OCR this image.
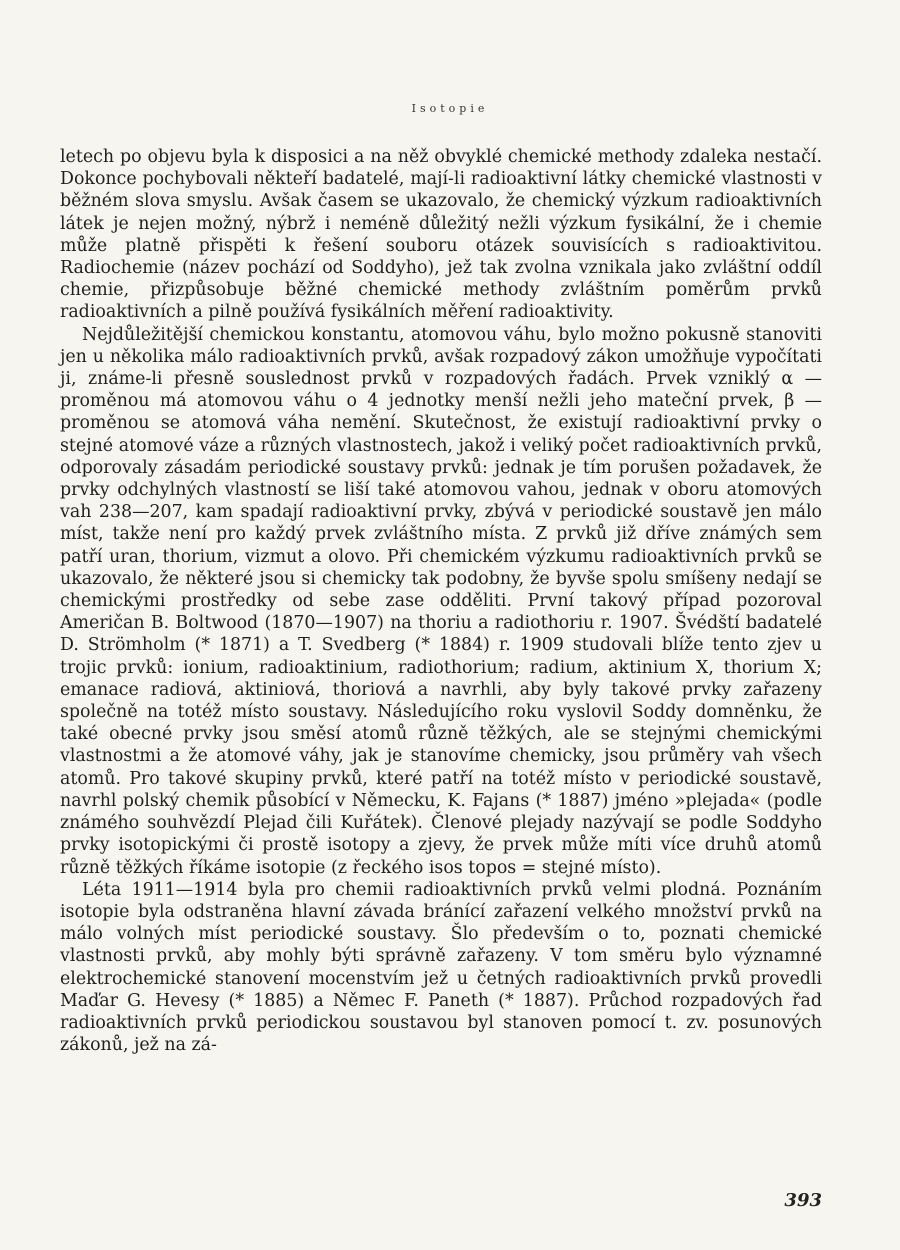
Isotopie

letech po objevu byla k disposici a na něž obvyklé chemické methody zdaleka nestačí. Dokonce pochybovali někteří badatelé, mají-li radioaktivní látky chemické vlastnosti v běžném slova smyslu. Avšak časem se ukazovalo, že chemický výzkum radioaktivních látek je nejen možný, nýbrž i neméně důležitý nežli výzkum fysikální, že i chemie může platně přispěti k řešení souboru otázek souvisících s radioaktivitou. Radiochemie (název pochází od Soddyho), jež tak zvolna vznikala jako zvláštní oddíl chemie, přizpůsobuje běžné chemické methody zvláštním poměrům prvků radioaktivních a pilně používá fysikálních měření radioaktivity.

Nejdůležitější chemickou konstantu, atomovou váhu, bylo možno pokusně stanoviti jen u několika málo radioaktivních prvků, avšak rozpadový zákon umožňuje vypočítati ji, známe-li přesně souslednost prvků v rozpadových řadách. Prvek vzniklý α — proměnou má atomovou váhu o 4 jednotky menší nežli jeho mateční prvek, β — proměnou se atomová váha nemění. Skutečnost, že existují radioaktivní prvky o stejné atomové váze a různých vlastnostech, jakož i veliký počet radioaktivních prvků, odporovaly zásadám periodické soustavy prvků: jednak je tím porušen požadavek, že prvky odchylných vlastností se liší také atomovou vahou, jednak v oboru atomových vah 238—207, kam spadají radioaktivní prvky, zbývá v periodické soustavě jen málo míst, takže není pro každý prvek zvláštního místa. Z prvků již dříve známých sem patří uran, thorium, vizmut a olovo. Při chemickém výzkumu radioaktivních prvků se ukazovalo, že některé jsou si chemicky tak podobny, že byvše spolu smíšeny nedají se chemickými prostředky od sebe zase odděliti. První takový případ pozoroval Američan B. Boltwood (1870—1907) na thoriu a radiothoriu r. 1907. Švédští badatelé D. Strömholm (* 1871) a T. Svedberg (* 1884) r. 1909 studovali blíže tento zjev u trojic prvků: ionium, radioaktinium, radiothorium; radium, aktinium X, thorium X; emanace radiová, aktiniová, thoriová a navrhli, aby byly takové prvky zařazeny společně na totéž místo soustavy. Následujícího roku vyslovil Soddy domněnku, že také obecné prvky jsou směsí atomů různě těžkých, ale se stejnými chemickými vlastnostmi a že atomové váhy, jak je stanovíme chemicky, jsou průměry vah všech atomů. Pro takové skupiny prvků, které patří na totéž místo v periodické soustavě, navrhl polský chemik působící v Německu, K. Fajans (* 1887) jméno »plejada« (podle známého souhvězdí Plejad čili Kuřátek). Členové plejady nazývají se podle Soddyho prvky isotopickými či prostě isotopy a zjevy, že prvek může míti více druhů atomů různě těžkých říkáme isotopie (z řeckého isos topos = stejné místo).

Léta 1911—1914 byla pro chemii radioaktivních prvků velmi plodná. Poznáním isotopie byla odstraněna hlavní závada bránící zařazení velkého množství prvků na málo volných míst periodické soustavy. Šlo především o to, poznati chemické vlastnosti prvků, aby mohly býti správně zařazeny. V tom směru bylo významné elektrochemické stanovení mocenstvím jež u četných radioaktivních prvků provedli Maďar G. Hevesy (* 1885) a Němec F. Paneth (* 1887). Průchod rozpadových řad radioaktivních prvků periodickou soustavou byl stanoven pomocí t. zv. posunových zákonů, jež na zá-

393
